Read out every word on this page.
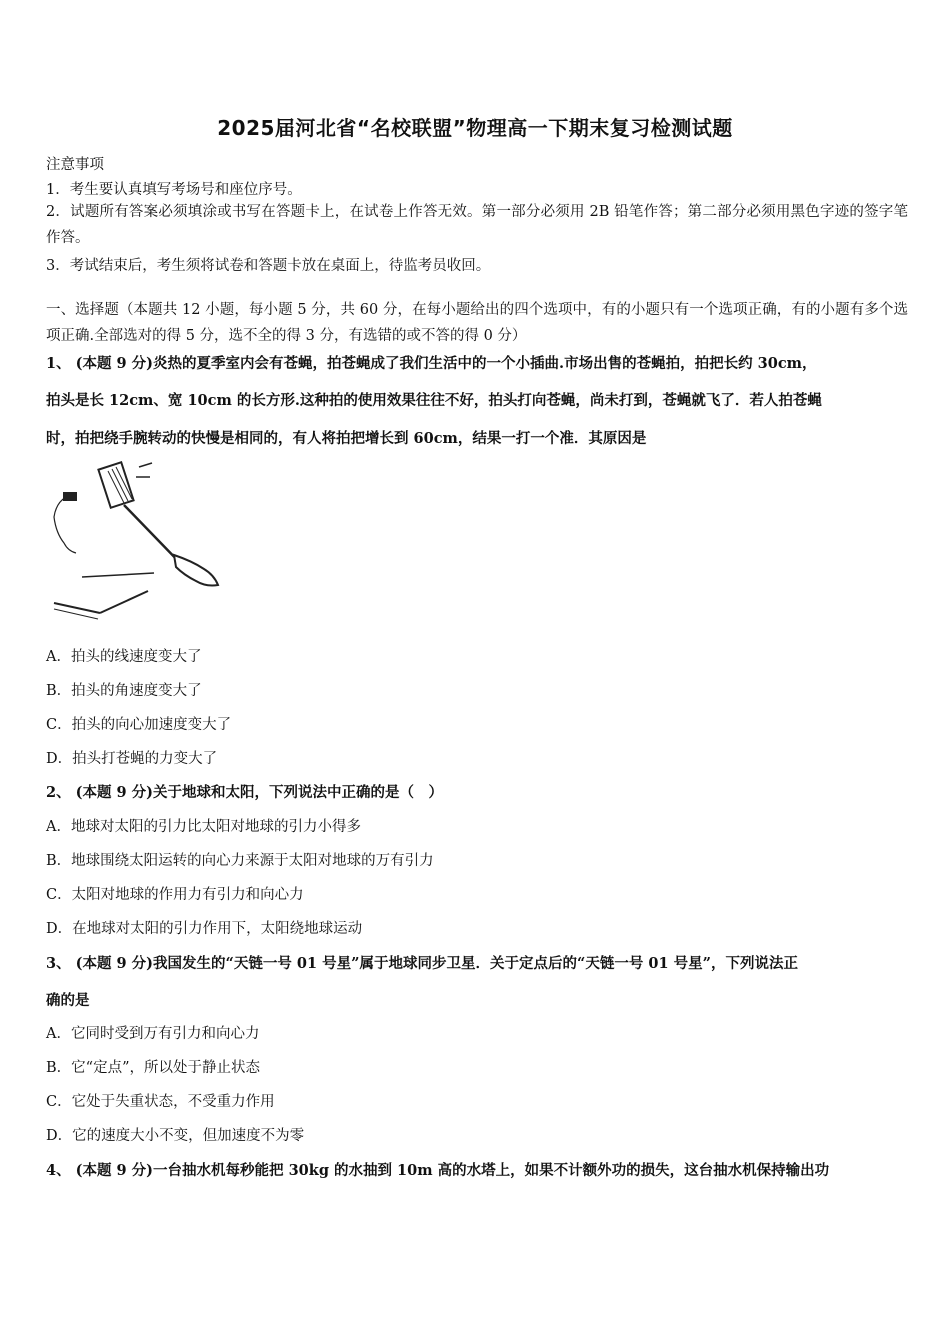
2025届河北省“名校联盟”物理高一下期末复习检测试题
注意事项
1．考生要认真填写考场号和座位序号。
2．试题所有答案必须填涂或书写在答题卡上，在试卷上作答无效。第一部分必须用 2B 铅笔作答；第二部分必须用黑色字迹的签字笔作答。
3．考试结束后，考生须将试卷和答题卡放在桌面上，待监考员收回。
一、选择题（本题共 12 小题，每小题 5 分，共 60 分，在每小题给出的四个选项中，有的小题只有一个选项正确，有的小题有多个选项正确.全部选对的得 5 分，选不全的得 3 分，有选错的或不答的得 0 分）
1、 (本题 9 分)炎热的夏季室内会有苍蝇，拍苍蝇成了我们生活中的一个小插曲.市场出售的苍蝇拍，拍把长约 30cm，
拍头是长 12cm、宽 10cm 的长方形.这种拍的使用效果往往不好，拍头打向苍蝇，尚未打到，苍蝇就飞了．若人拍苍蝇
时，拍把绕手腕转动的快慢是相同的，有人将拍把增长到 60cm，结果一打一个准．其原因是
A．拍头的线速度变大了
B．拍头的角速度变大了
C．拍头的向心加速度变大了
D．拍头打苍蝇的力变大了
2、 (本题 9 分)关于地球和太阳，下列说法中正确的是（　）
A．地球对太阳的引力比太阳对地球的引力小得多
B．地球围绕太阳运转的向心力来源于太阳对地球的万有引力
C．太阳对地球的作用力有引力和向心力
D．在地球对太阳的引力作用下，太阳绕地球运动
3、 (本题 9 分)我国发生的“天链一号 01 号星”属于地球同步卫星．关于定点后的“天链一号 01 号星”，下列说法正
确的是
A．它同时受到万有引力和向心力
B．它“定点”，所以处于静止状态
C．它处于失重状态，不受重力作用
D．它的速度大小不变，但加速度不为零
4、 (本题 9 分)一台抽水机每秒能把 30kg 的水抽到 10m 高的水塔上，如果不计额外功的损失，这台抽水机保持输出功
